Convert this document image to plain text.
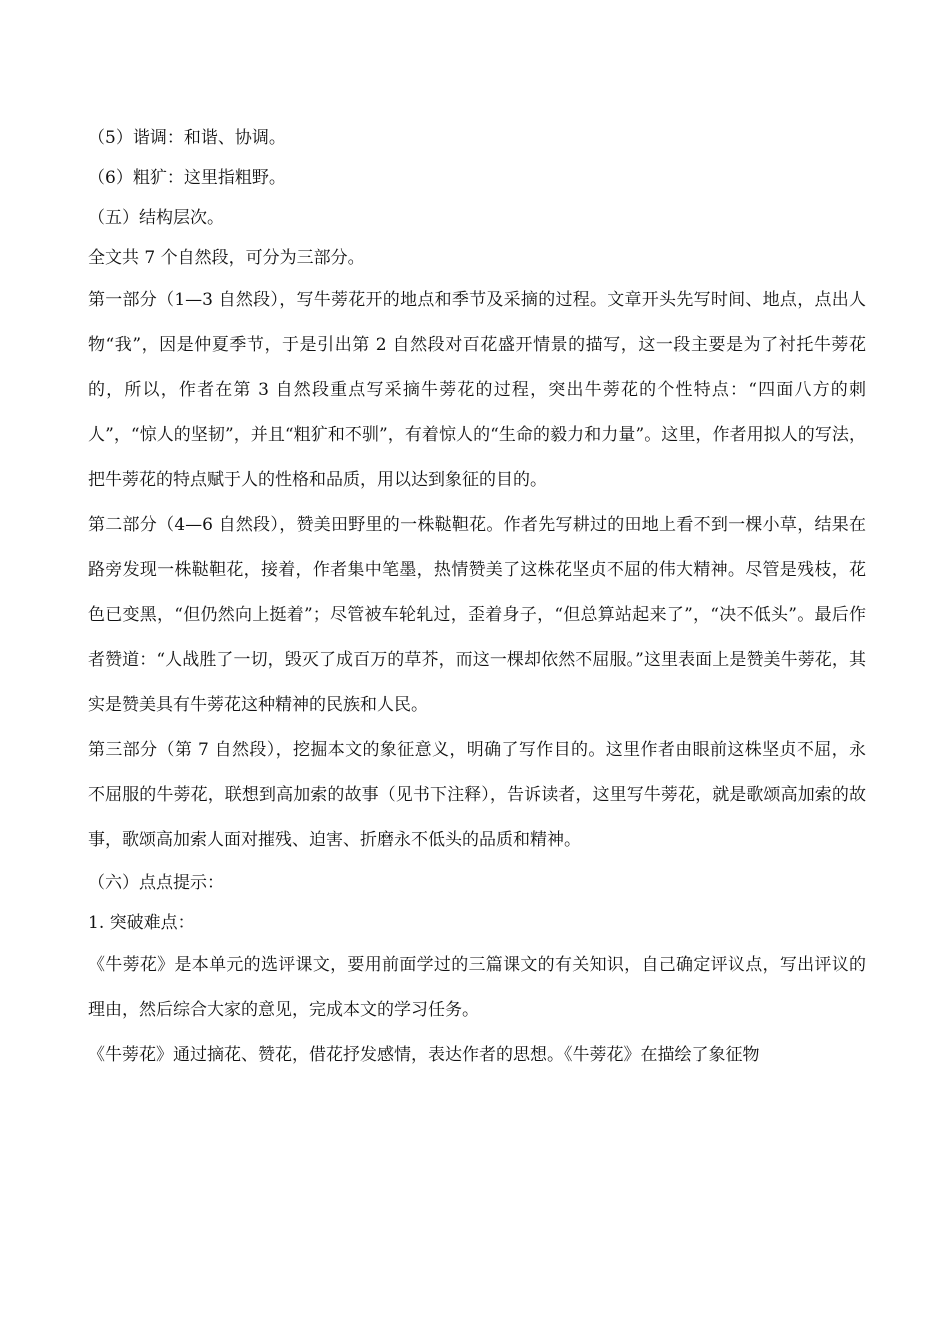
（5）谐调：和谐、协调。

（6）粗犷：这里指粗野。

（五）结构层次。

全文共 7 个自然段，可分为三部分。

第一部分（1—3 自然段），写牛蒡花开的地点和季节及采摘的过程。文章开头先写时间、地点，点出人物“我”，因是仲夏季节，于是引出第 2 自然段对百花盛开情景的描写，这一段主要是为了衬托牛蒡花的，所以，作者在第 3 自然段重点写采摘牛蒡花的过程，突出牛蒡花的个性特点：“四面八方的刺人”，“惊人的坚韧”，并且“粗犷和不驯”，有着惊人的“生命的毅力和力量”。这里，作者用拟人的写法，把牛蒡花的特点赋于人的性格和品质，用以达到象征的目的。

第二部分（4—6 自然段），赞美田野里的一株鞑靼花。作者先写耕过的田地上看不到一棵小草，结果在路旁发现一株鞑靼花，接着，作者集中笔墨，热情赞美了这株花坚贞不屈的伟大精神。尽管是残枝，花色已变黑，“但仍然向上挺着”；尽管被车轮轧过，歪着身子，“但总算站起来了”，“决不低头”。最后作者赞道：“人战胜了一切，毁灭了成百万的草芥，而这一棵却依然不屈服。”这里表面上是赞美牛蒡花，其实是赞美具有牛蒡花这种精神的民族和人民。

第三部分（第 7 自然段），挖掘本文的象征意义，明确了写作目的。这里作者由眼前这株坚贞不屈，永不屈服的牛蒡花，联想到高加索的故事（见书下注释），告诉读者，这里写牛蒡花，就是歌颂高加索的故事，歌颂高加索人面对摧残、迫害、折磨永不低头的品质和精神。

（六）点点提示：

1. 突破难点：

《牛蒡花》是本单元的选评课文，要用前面学过的三篇课文的有关知识，自己确定评议点，写出评议的理由，然后综合大家的意见，完成本文的学习任务。

《牛蒡花》通过摘花、赞花，借花抒发感情，表达作者的思想。《牛蒡花》在描绘了象征物
